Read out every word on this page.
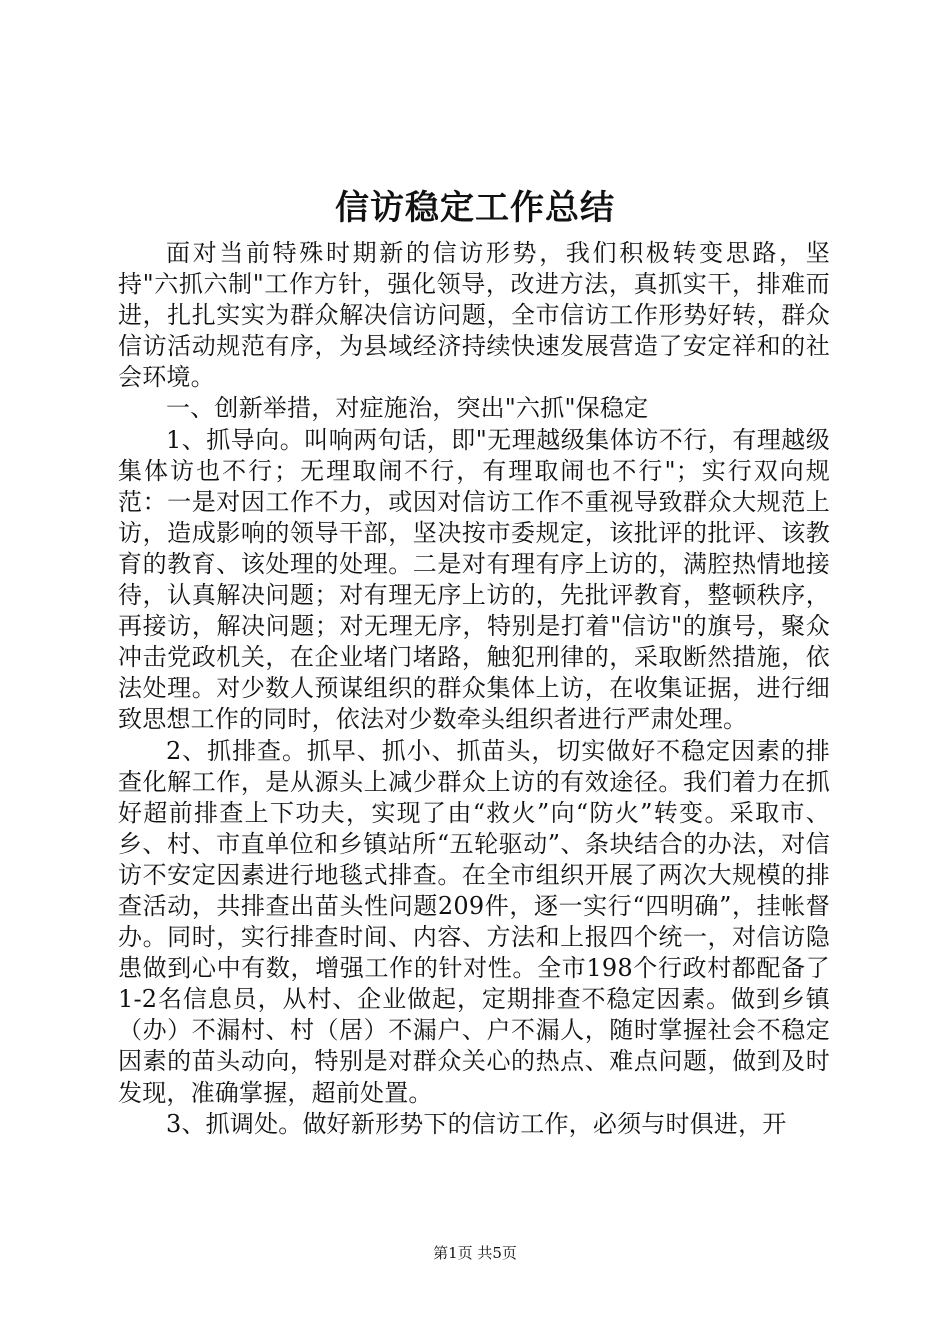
信访稳定工作总结

面对当前特殊时期新的信访形势，我们积极转变思路，坚持"六抓六制"工作方针，强化领导，改进方法，真抓实干，排难而进，扎扎实实为群众解决信访问题，全市信访工作形势好转，群众信访活动规范有序，为县域经济持续快速发展营造了安定祥和的社会环境。

一、创新举措，对症施治，突出"六抓"保稳定

1、抓导向。叫响两句话，即"无理越级集体访不行，有理越级集体访也不行；无理取闹不行，有理取闹也不行"；实行双向规范：一是对因工作不力，或因对信访工作不重视导致群众大规范上访，造成影响的领导干部，坚决按市委规定，该批评的批评、该教育的教育、该处理的处理。二是对有理有序上访的，满腔热情地接待，认真解决问题；对有理无序上访的，先批评教育，整顿秩序，再接访，解决问题；对无理无序，特别是打着"信访"的旗号，聚众冲击党政机关，在企业堵门堵路，触犯刑律的，采取断然措施，依法处理。对少数人预谋组织的群众集体上访，在收集证据，进行细致思想工作的同时，依法对少数牵头组织者进行严肃处理。

2、抓排查。抓早、抓小、抓苗头，切实做好不稳定因素的排查化解工作，是从源头上减少群众上访的有效途径。我们着力在抓好超前排查上下功夫，实现了由“救火”向“防火”转变。采取市、乡、村、市直单位和乡镇站所“五轮驱动”、条块结合的办法，对信访不安定因素进行地毯式排查。在全市组织开展了两次大规模的排查活动，共排查出苗头性问题209件，逐一实行“四明确”，挂帐督办。同时，实行排查时间、内容、方法和上报四个统一，对信访隐患做到心中有数，增强工作的针对性。全市198个行政村都配备了1-2名信息员，从村、企业做起，定期排查不稳定因素。做到乡镇（办）不漏村、村（居）不漏户、户不漏人，随时掌握社会不稳定因素的苗头动向，特别是对群众关心的热点、难点问题，做到及时发现，准确掌握，超前处置。

3、抓调处。做好新形势下的信访工作，必须与时俱进，开

第1页 共5页
